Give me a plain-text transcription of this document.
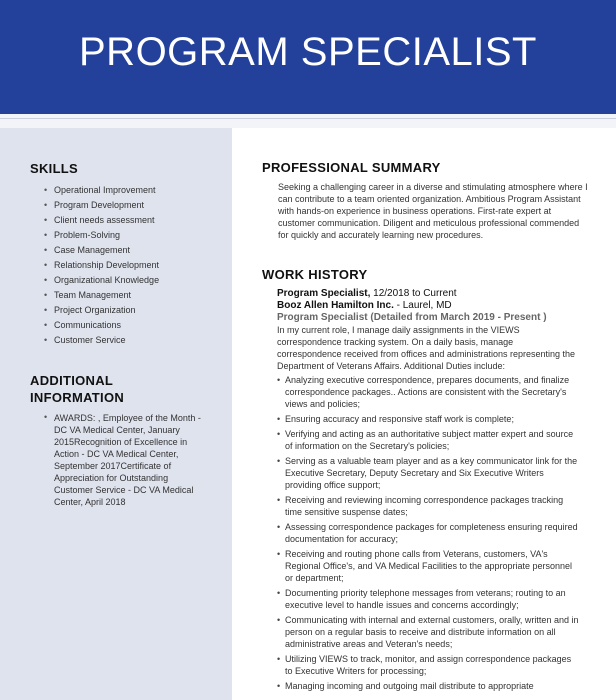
PROGRAM SPECIALIST
SKILLS
• Operational Improvement
• Program Development
• Client needs assessment
• Problem-Solving
• Case Management
• Relationship Development
• Organizational Knowledge
• Team Management
• Project Organization
• Communications
• Customer Service
ADDITIONAL
INFORMATION
• AWARDS: , Employee of the Month - DC VA Medical Center, January 2015Recognition of Excellence in Action - DC VA Medical Center, September 2017Certificate of Appreciation for Outstanding Customer Service - DC VA Medical Center, April 2018
PROFESSIONAL SUMMARY
Seeking a challenging career in a diverse and stimulating atmosphere where I can contribute to a team oriented organization. Ambitious Program Assistant with hands-on experience in business operations. First-rate expert at customer communication. Diligent and meticulous professional commended for quickly and accurately learning new procedures.
WORK HISTORY
Program Specialist, 12/2018 to Current
Booz Allen Hamilton Inc. - Laurel, MD
Program Specialist (Detailed from March 2019 - Present )
In my current role, I manage daily assignments in the VIEWS correspondence tracking system. On a daily basis, manage correspondence received from offices and administrations representing the Department of Veterans Affairs. Additional Duties include:
• Analyzing executive correspondence, prepares documents, and finalize correspondence packages.. Actions are consistent with the Secretary's views and policies;
• Ensuring accuracy and responsive staff work is complete;
• Verifying and acting as an authoritative subject matter expert and source of information on the Secretary's policies;
• Serving as a valuable team player and as a key communicator link for the Executive Secretary, Deputy Secretary and Six Executive Writers providing office support;
• Receiving and reviewing incoming correspondence packages tracking time sensitive suspense dates;
• Assessing correspondence packages for completeness ensuring required documentation for accuracy;
• Receiving and routing phone calls from Veterans, customers, VA's Regional Office's, and VA Medical Facilities to the appropriate personnel or department;
• Documenting priority telephone messages from veterans; routing to an executive level to handle issues and concerns accordingly;
• Communicating with internal and external customers, orally, written and in person on a regular basis to receive and distribute information on all administrative areas and Veteran's needs;
• Utilizing VIEWS to track, monitor, and assign correspondence packages to Executive Writers for processing;
• Managing incoming and outgoing mail distribute to appropriate
